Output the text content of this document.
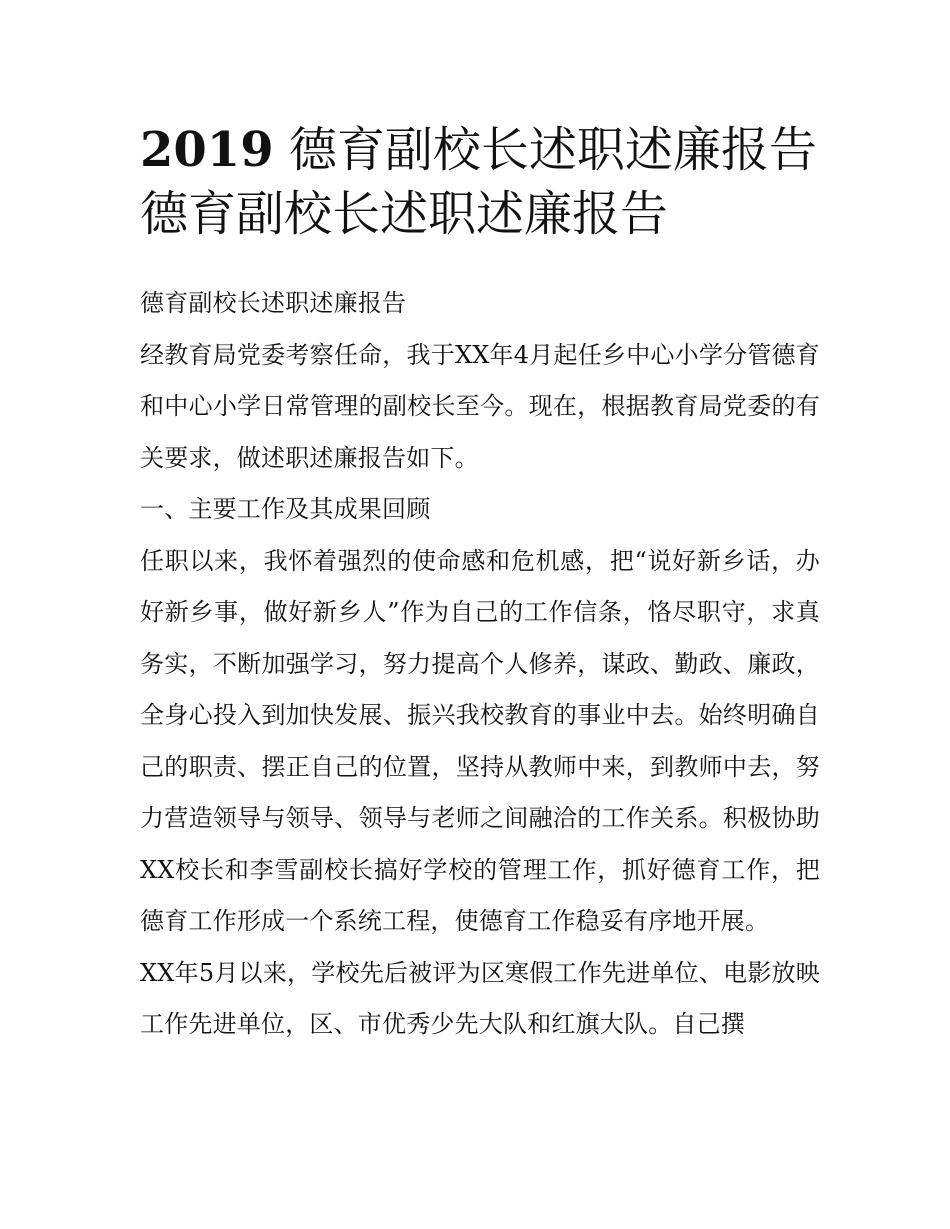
2019 德育副校长述职述廉报告
德育副校长述职述廉报告

德育副校长述职述廉报告

经教育局党委考察任命，我于XX年4月起任乡中心小学分管德育和中心小学日常管理的副校长至今。现在，根据教育局党委的有关要求，做述职述廉报告如下。

一、主要工作及其成果回顾

任职以来，我怀着强烈的使命感和危机感，把“说好新乡话，办好新乡事，做好新乡人”作为自己的工作信条，恪尽职守，求真务实，不断加强学习，努力提高个人修养，谋政、勤政、廉政，全身心投入到加快发展、振兴我校教育的事业中去。始终明确自己的职责、摆正自己的位置，坚持从教师中来，到教师中去，努力营造领导与领导、领导与老师之间融洽的工作关系。积极协助XX校长和李雪副校长搞好学校的管理工作，抓好德育工作，把德育工作形成一个系统工程，使德育工作稳妥有序地开展。

XX年5月以来，学校先后被评为区寒假工作先进单位、电影放映工作先进单位，区、市优秀少先大队和红旗大队。自己撰
